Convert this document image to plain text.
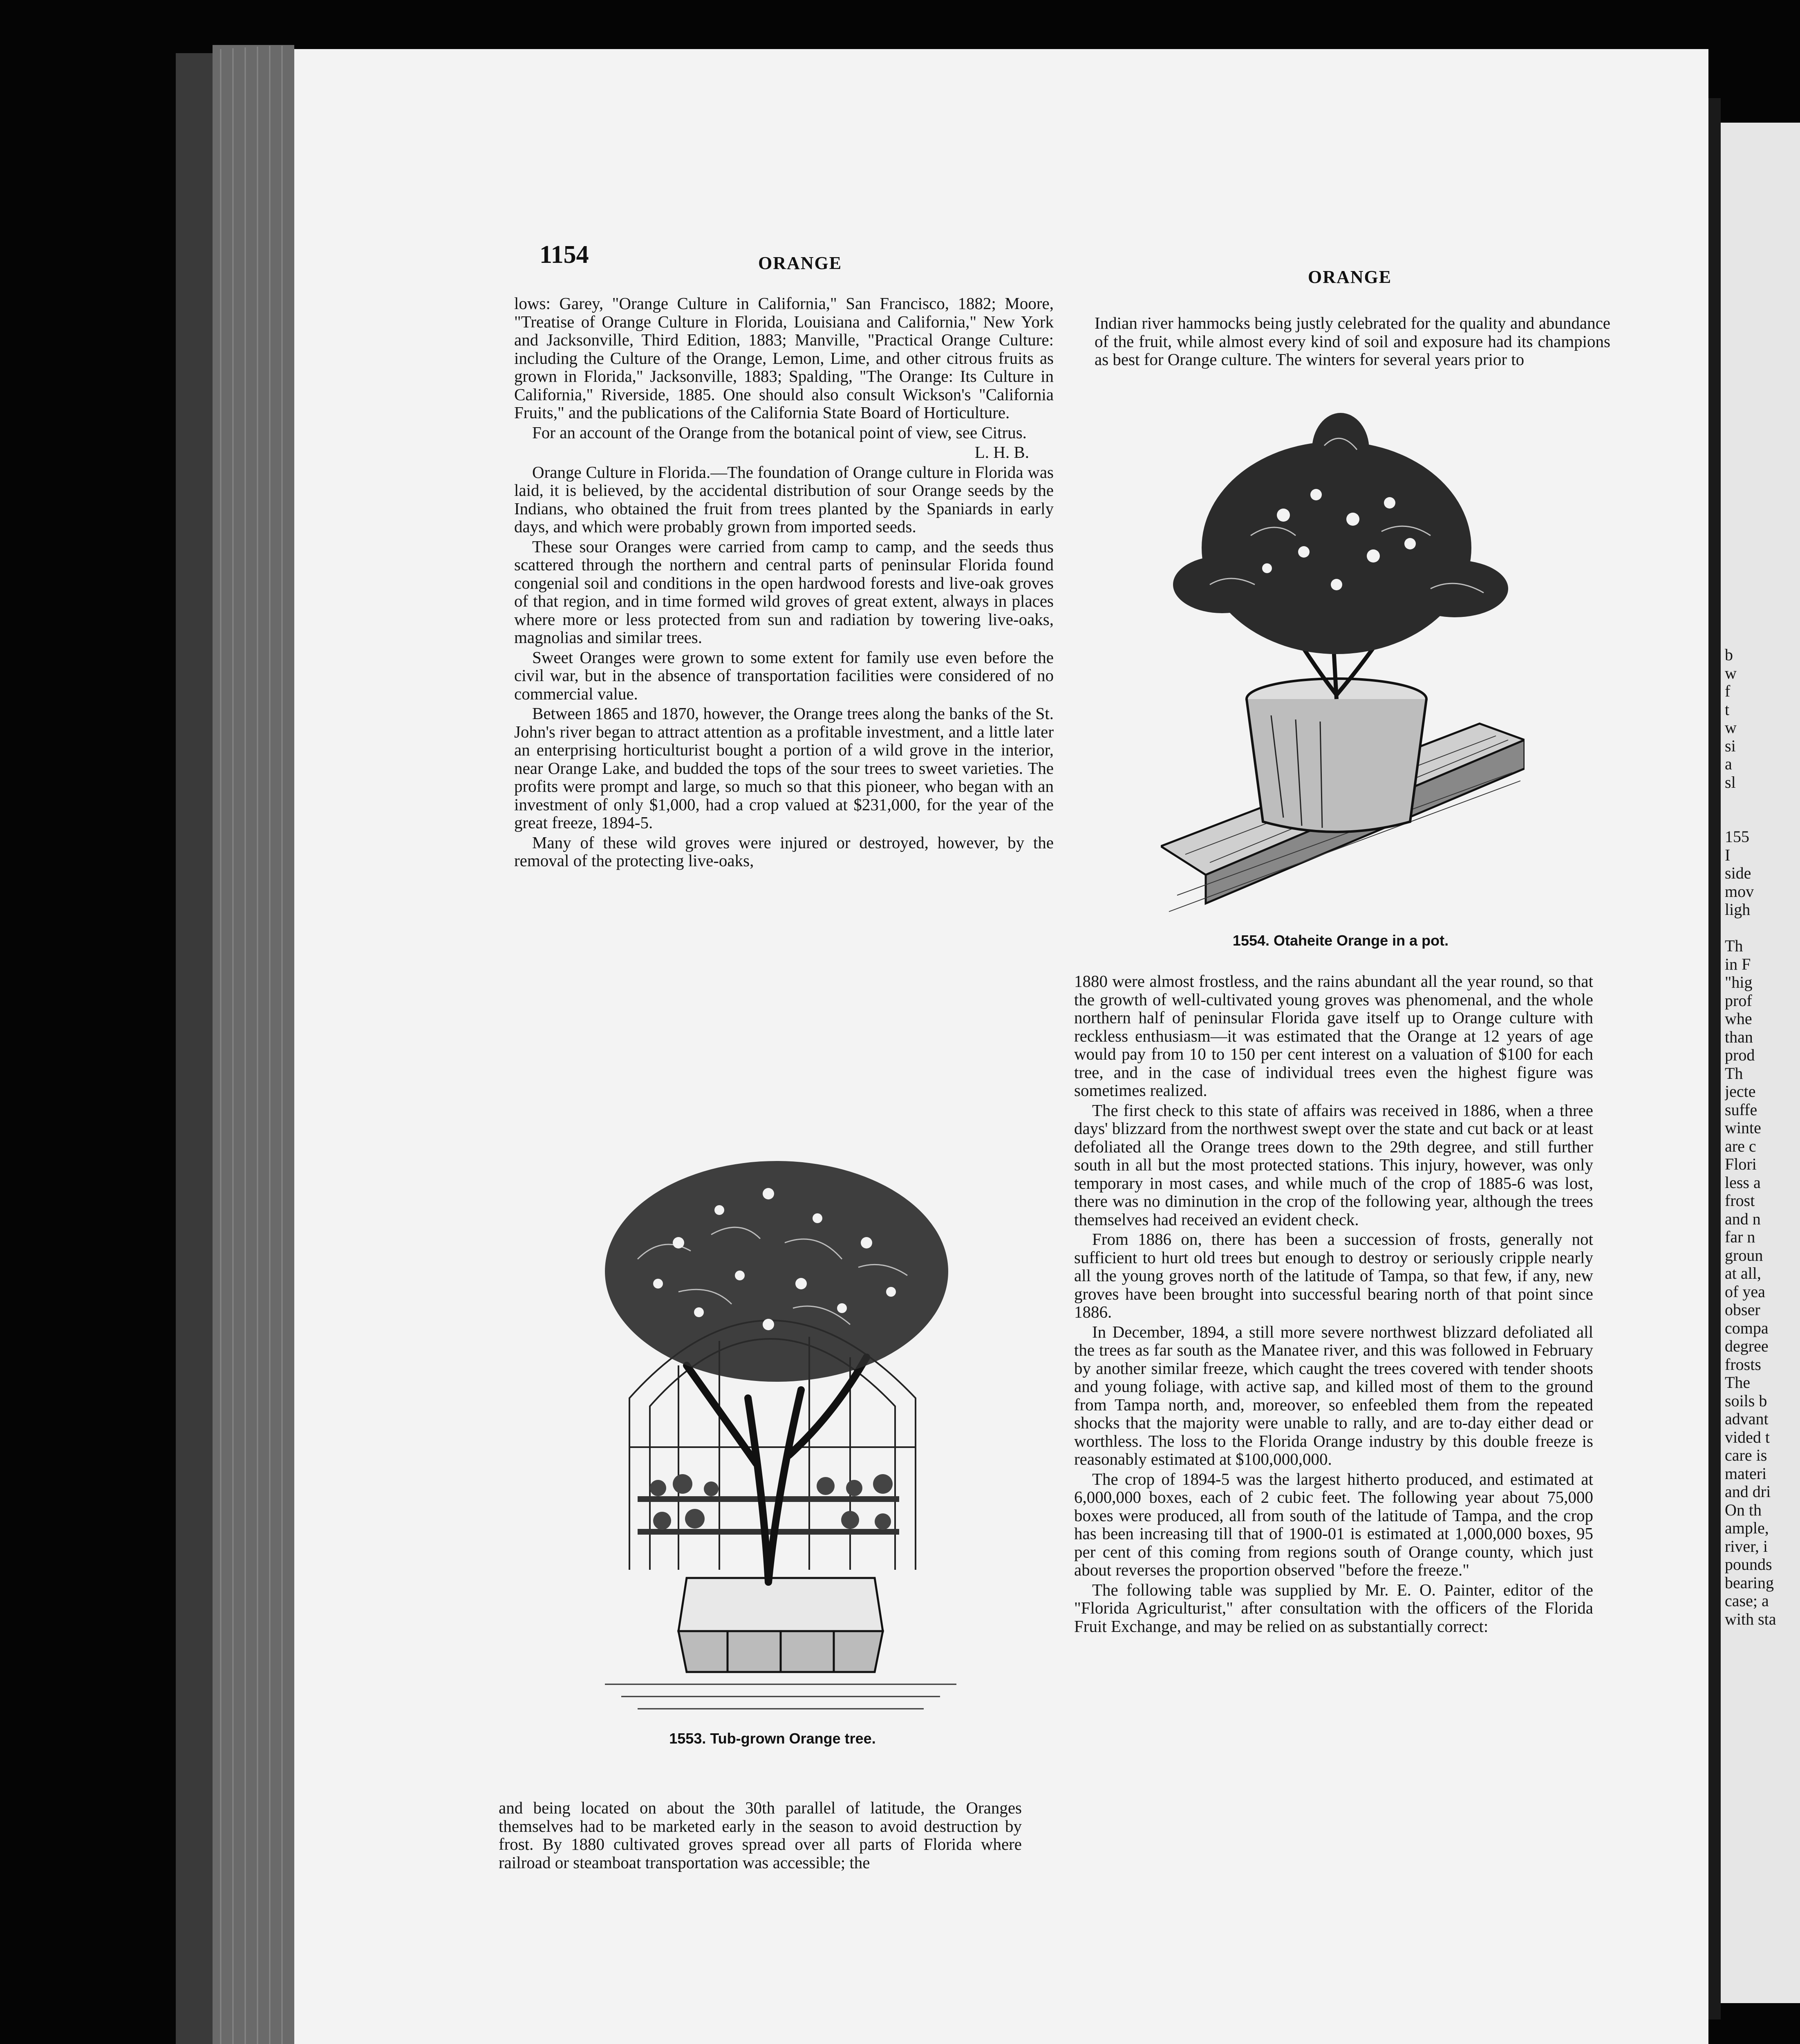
1154	ORANGE
ORANGE

lows: Garey, "Orange Culture in California," San Francisco, 1882; Moore, "Treatise of Orange Culture in Florida, Louisiana and California," New York and Jacksonville, Third Edition, 1883; Manville, "Practical Orange Culture: including the Culture of the Orange, Lemon, Lime, and other citrous fruits as grown in Florida," Jacksonville, 1883; Spalding, "The Orange: Its Culture in California," Riverside, 1885. One should also consult Wickson's "California Fruits," and the publications of the California State Board of Horticulture.

For an account of the Orange from the botanical point of view, see Citrus.

L. H. B.

Orange Culture in Florida.—The foundation of Orange culture in Florida was laid, it is believed, by the accidental distribution of sour Orange seeds by the Indians, who obtained the fruit from trees planted by the Spaniards in early days, and which were probably grown from imported seeds.

These sour Oranges were carried from camp to camp, and the seeds thus scattered through the northern and central parts of peninsular Florida found congenial soil and conditions in the open hardwood forests and live-oak groves of that region, and in time formed wild groves of great extent, always in places where more or less protected from sun and radiation by towering live-oaks, magnolias and similar trees.

Sweet Oranges were grown to some extent for family use even before the civil war, but in the absence of transportation facilities were considered of no commercial value.

Between 1865 and 1870, however, the Orange trees along the banks of the St. John's river began to attract attention as a profitable investment, and a little later an enterprising horticulturist bought a portion of a wild grove in the interior, near Orange Lake, and budded the tops of the sour trees to sweet varieties. The profits were prompt and large, so much so that this pioneer, who began with an investment of only $1,000, had a crop valued at $231,000, for the year of the great freeze, 1894-5.

Many of these wild groves were injured or destroyed, however, by the removal of the protecting live-oaks,

1553. Tub-grown Orange tree.

and being located on about the 30th parallel of latitude, the Oranges themselves had to be marketed early in the season to avoid destruction by frost. By 1880 cultivated groves spread over all parts of Florida where railroad or steamboat transportation was accessible; the

Indian river hammocks being justly celebrated for the quality and abundance of the fruit, while almost every kind of soil and exposure had its champions as best for Orange culture. The winters for several years prior to

1554. Otaheite Orange in a pot.

1880 were almost frostless, and the rains abundant all the year round, so that the growth of well-cultivated young groves was phenomenal, and the whole northern half of peninsular Florida gave itself up to Orange culture with reckless enthusiasm—it was estimated that the Orange at 12 years of age would pay from 10 to 150 per cent interest on a valuation of $100 for each tree, and in the case of individual trees even the highest figure was sometimes realized.

The first check to this state of affairs was received in 1886, when a three days' blizzard from the northwest swept over the state and cut back or at least defoliated all the Orange trees down to the 29th degree, and still further south in all but the most protected stations. This injury, however, was only temporary in most cases, and while much of the crop of 1885-6 was lost, there was no diminution in the crop of the following year, although the trees themselves had received an evident check.

From 1886 on, there has been a succession of frosts, generally not sufficient to hurt old trees but enough to destroy or seriously cripple nearly all the young groves north of the latitude of Tampa, so that few, if any, new groves have been brought into successful bearing north of that point since 1886.

In December, 1894, a still more severe northwest blizzard defoliated all the trees as far south as the Manatee river, and this was followed in February by another similar freeze, which caught the trees covered with tender shoots and young foliage, with active sap, and killed most of them to the ground from Tampa north, and, moreover, so enfeebled them from the repeated shocks that the majority were unable to rally, and are to-day either dead or worthless. The loss to the Florida Orange industry by this double freeze is reasonably estimated at $100,000,000.

The crop of 1894-5 was the largest hitherto produced, and estimated at 6,000,000 boxes, each of 2 cubic feet. The following year about 75,000 boxes were produced, all from south of the latitude of Tampa, and the crop has been increasing till that of 1900-01 is estimated at 1,000,000 boxes, 95 per cent of this coming from regions south of Orange county, which just about reverses the proportion observed "before the freeze."

The following table was supplied by Mr. E. O. Painter, editor of the "Florida Agriculturist," after consultation with the officers of the Florida Fruit Exchange, and may be relied on as substantially correct:

b
w
f
t
w
si
a
sl

155
I
side
mov
ligh

Th
in F
"hig
prof
whe
than
prod
Th
jecte
suffe
winte
are c
Flori
less a
frost
and n
far n
groun
at all,
of yea
obser
compa
degree
frosts
The
soils b
advant
vided t
care is
materi
and dri
On th
ample,
river, i
pounds
bearing
case; a
with sta
